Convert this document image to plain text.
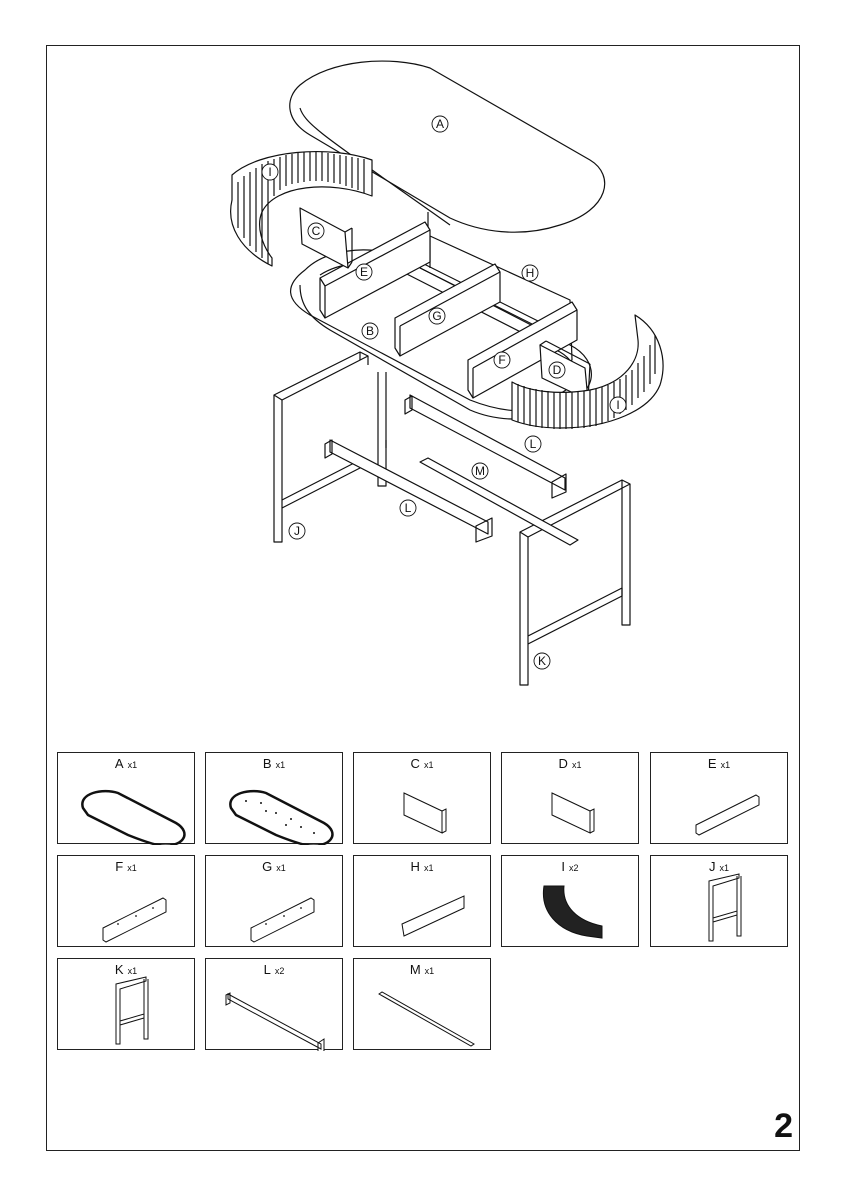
A
I
C
E	H
G
B
F
D
I
L
M
L
J
K
A x1	B x1	C x1	D x1	E x1
F x1	G x1	H x1	I x2	J x1
K x1	L x2	M x1
2
